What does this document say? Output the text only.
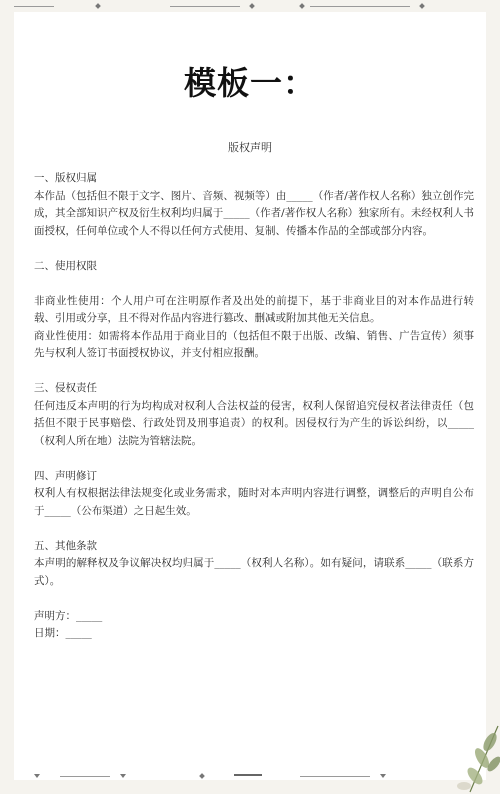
模板一：
版权声明

一、版权归属

本作品（包括但不限于文字、图片、音频、视频等）由_____（作者/著作权人名称）独立创作完成，其全部知识产权及衍生权利均归属于_____（作者/著作权人名称）独家所有。未经权利人书面授权，任何单位或个人不得以任何方式使用、复制、传播本作品的全部或部分内容。

二、使用权限

非商业性使用：个人用户可在注明原作者及出处的前提下，基于非商业目的对本作品进行转载、引用或分享，且不得对作品内容进行篡改、删减或附加其他无关信息。

商业性使用：如需将本作品用于商业目的（包括但不限于出版、改编、销售、广告宣传）须事先与权利人签订书面授权协议，并支付相应报酬。

三、侵权责任

任何违反本声明的行为均构成对权利人合法权益的侵害，权利人保留追究侵权者法律责任（包括但不限于民事赔偿、行政处罚及刑事追责）的权利。因侵权行为产生的诉讼纠纷，以_____（权利人所在地）法院为管辖法院。

四、声明修订

权利人有权根据法律法规变化或业务需求，随时对本声明内容进行调整，调整后的声明自公布于_____（公布渠道）之日起生效。

五、其他条款

本声明的解释权及争议解决权均归属于_____（权利人名称）。如有疑问，请联系_____（联系方式）。

声明方：_____

日期：_____
